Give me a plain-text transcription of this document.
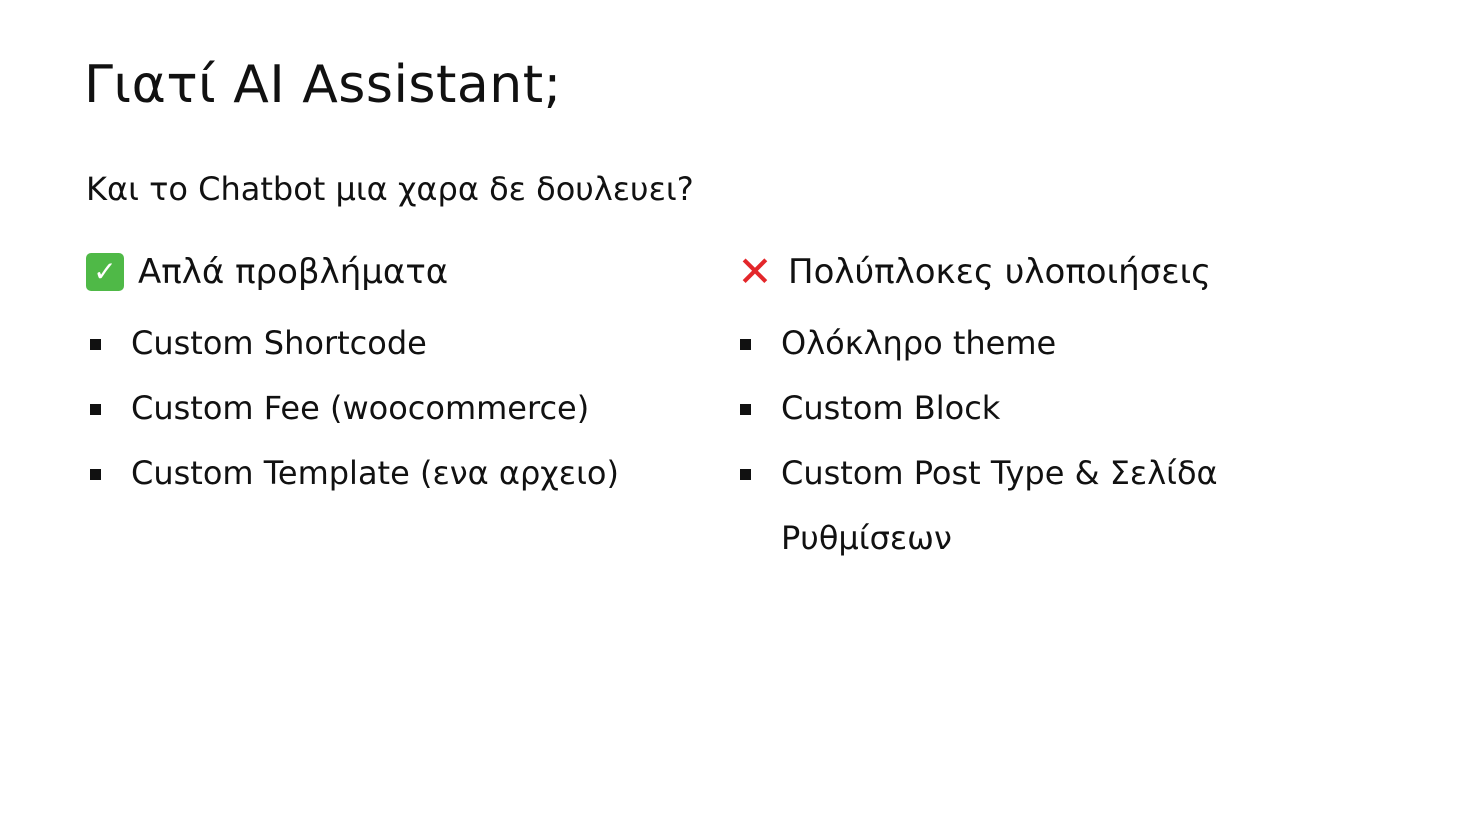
Γιατί AI Assistant;

Και το Chatbot μια χαρα δε δουλευει?

✓ Απλά προβλήματα
Custom Shortcode
Custom Fee (woocommerce)
Custom Template (ενα αρχειο)
✕ Πολύπλοκες υλοποιήσεις
Ολόκληρο theme
Custom Block
Custom Post Type & Σελίδα Ρυθμίσεων
